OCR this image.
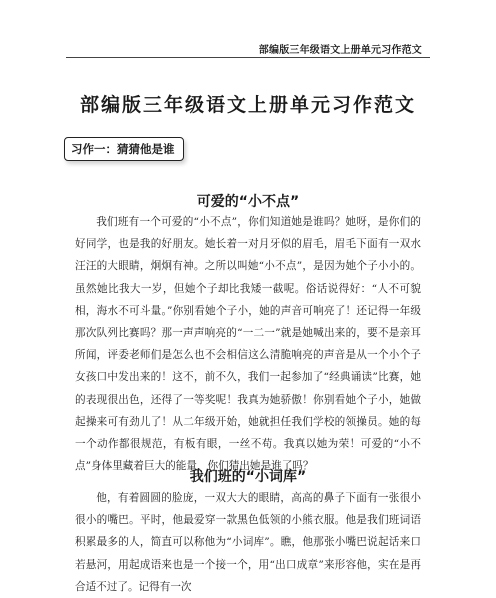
部编版三年级语文上册单元习作范文
部编版三年级语文上册单元习作范文
习作一：猜猜他是谁
可爱的“小不点”

我们班有一个可爱的“小不点”，你们知道她是谁吗？她呀，是你们的好同学，也是我的好朋友。她长着一对月牙似的眉毛，眉毛下面有一双水汪汪的大眼睛，炯炯有神。之所以叫她“小不点”，是因为她个子小小的。虽然她比我大一岁，但她个子却比我矮一截呢。俗话说得好：“人不可貌相，海水不可斗量。”你别看她个子小，她的声音可响亮了！还记得一年级那次队列比赛吗？那一声声响亮的“一二一”就是她喊出来的，要不是亲耳所闻，评委老师们是怎么也不会相信这么清脆响亮的声音是从一个小个子女孩口中发出来的！这不，前不久，我们一起参加了“经典诵读”比赛，她的表现很出色，还得了一等奖呢！我真为她骄傲！你别看她个子小，她做起操来可有劲儿了！从二年级开始，她就担任我们学校的领操员。她的每一个动作都很规范，有板有眼，一丝不苟。我真以她为荣！可爱的“小不点”身体里藏着巨大的能量，你们猜出她是谁了吗？

我们班的“小词库”

他，有着圆圆的脸庞，一双大大的眼睛，高高的鼻子下面有一张很小很小的嘴巴。平时，他最爱穿一款黑色低领的小熊衣服。他是我们班词语积累最多的人，简直可以称他为“小词库”。瞧，他那张小嘴巴说起话来口若悬河，用起成语来也是一个接一个，用“出口成章”来形容他，实在是再合适不过了。记得有一次
